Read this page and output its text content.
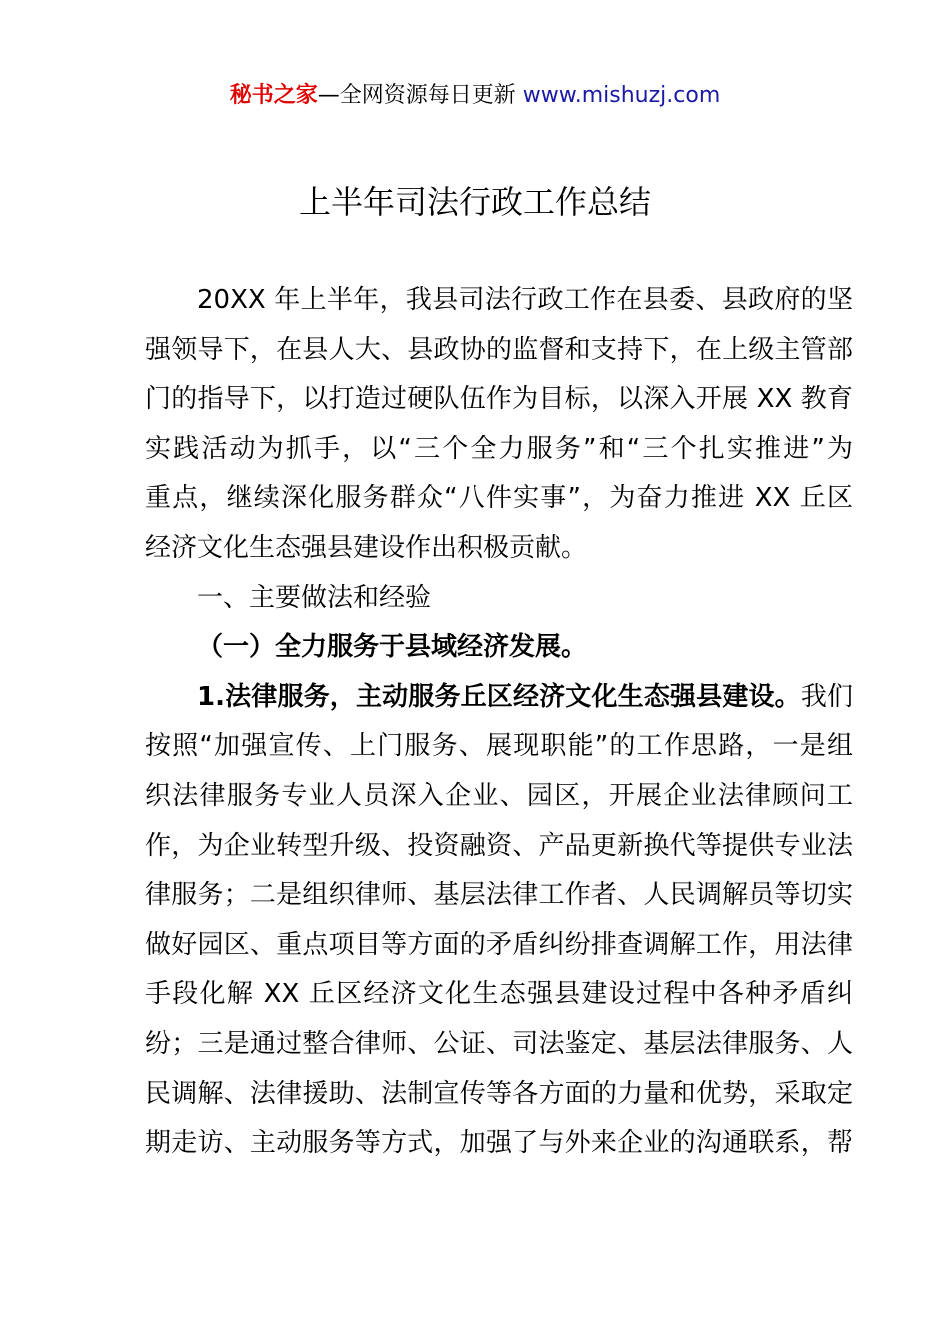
秘书之家—全网资源每日更新 www.mishuzj.com
上半年司法行政工作总结
20XX 年上半年，我县司法行政工作在县委、县政府的坚
强领导下，在县人大、县政协的监督和支持下，在上级主管部
门的指导下，以打造过硬队伍作为目标，以深入开展 XX 教育
实践活动为抓手，以“三个全力服务”和“三个扎实推进”为
重点，继续深化服务群众“八件实事”，为奋力推进 XX 丘区
经济文化生态强县建设作出积极贡献。
一、主要做法和经验
（一）全力服务于县域经济发展。
1.法律服务，主动服务丘区经济文化生态强县建设。我们
按照“加强宣传、上门服务、展现职能”的工作思路，一是组
织法律服务专业人员深入企业、园区，开展企业法律顾问工
作，为企业转型升级、投资融资、产品更新换代等提供专业法
律服务；二是组织律师、基层法律工作者、人民调解员等切实
做好园区、重点项目等方面的矛盾纠纷排查调解工作，用法律
手段化解 XX 丘区经济文化生态强县建设过程中各种矛盾纠
纷；三是通过整合律师、公证、司法鉴定、基层法律服务、人
民调解、法律援助、法制宣传等各方面的力量和优势，采取定
期走访、主动服务等方式，加强了与外来企业的沟通联系，帮
